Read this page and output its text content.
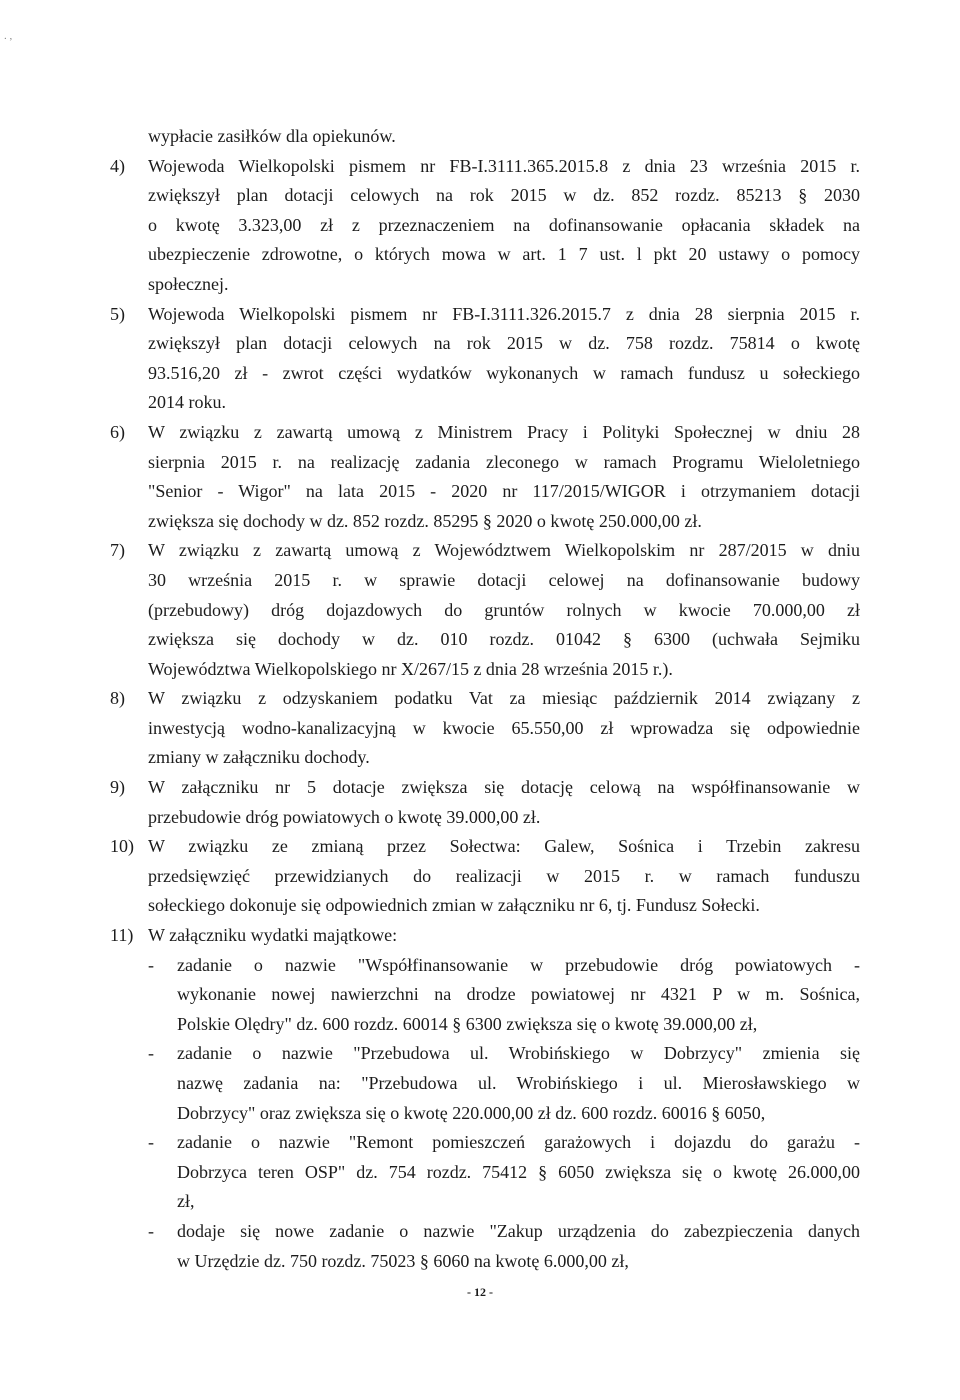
. ,
wypłacie zasiłków dla opiekunów.
4) Wojewoda Wielkopolski pismem nr FB-I.3111.365.2015.8 z dnia 23 września 2015 r.
zwiększył plan dotacji celowych na rok 2015 w dz. 852 rozdz. 85213 § 2030
o kwotę 3.323,00 zł z przeznaczeniem na dofinansowanie opłacania składek na
ubezpieczenie zdrowotne, o których mowa w art. 1 7 ust. l pkt 20 ustawy o pomocy
społecznej.
5) Wojewoda Wielkopolski pismem nr FB-I.3111.326.2015.7 z dnia 28 sierpnia 2015 r.
zwiększył plan dotacji celowych na rok 2015 w dz. 758 rozdz. 75814 o kwotę
93.516,20 zł - zwrot części wydatków wykonanych w ramach fundusz u sołeckiego
2014 roku.
6) W związku z zawartą umową z Ministrem Pracy i Polityki Społecznej w dniu 28
sierpnia 2015 r. na realizację zadania zleconego w ramach Programu Wieloletniego
"Senior - Wigor" na lata 2015 - 2020 nr 117/2015/WIGOR i otrzymaniem dotacji
zwiększa się dochody w dz. 852 rozdz. 85295 § 2020 o kwotę 250.000,00 zł.
7) W związku z zawartą umową z Województwem Wielkopolskim nr 287/2015 w dniu
30 września 2015 r. w sprawie dotacji celowej na dofinansowanie budowy
(przebudowy) dróg dojazdowych do gruntów rolnych w kwocie 70.000,00 zł
zwiększa się dochody w dz. 010 rozdz. 01042 § 6300 (uchwała Sejmiku
Województwa Wielkopolskiego nr X/267/15 z dnia 28 września 2015 r.).
8) W związku z odzyskaniem podatku Vat za miesiąc październik 2014 związany z
inwestycją wodno-kanalizacyjną w kwocie 65.550,00 zł wprowadza się odpowiednie
zmiany w załączniku dochody.
9) W załączniku nr 5 dotacje zwiększa się dotację celową na współfinansowanie w
przebudowie dróg powiatowych o kwotę 39.000,00 zł.
10) W związku ze zmianą przez Sołectwa: Galew, Sośnica i Trzebin zakresu
przedsięwzięć przewidzianych do realizacji w 2015 r. w ramach funduszu
sołeckiego dokonuje się odpowiednich zmian w załączniku nr 6, tj. Fundusz Sołecki.
11) W załączniku wydatki majątkowe:
- zadanie o nazwie "Współfinansowanie w przebudowie dróg powiatowych -
wykonanie nowej nawierzchni na drodze powiatowej nr 4321 P w m. Sośnica,
Polskie Olędry" dz. 600 rozdz. 60014 § 6300 zwiększa się o kwotę 39.000,00 zł,
- zadanie o nazwie "Przebudowa ul. Wrobińskiego w Dobrzycy" zmienia się
nazwę zadania na: "Przebudowa ul. Wrobińskiego i ul. Mierosławskiego w
Dobrzycy" oraz zwiększa się o kwotę 220.000,00 zł dz. 600 rozdz. 60016 § 6050,
- zadanie o nazwie "Remont pomieszczeń garażowych i dojazdu do garażu -
Dobrzyca teren OSP" dz. 754 rozdz. 75412 § 6050 zwiększa się o kwotę 26.000,00
zł,
- dodaje się nowe zadanie o nazwie "Zakup urządzenia do zabezpieczenia danych
w Urzędzie dz. 750 rozdz. 75023 § 6060 na kwotę 6.000,00 zł,
- 12 -
